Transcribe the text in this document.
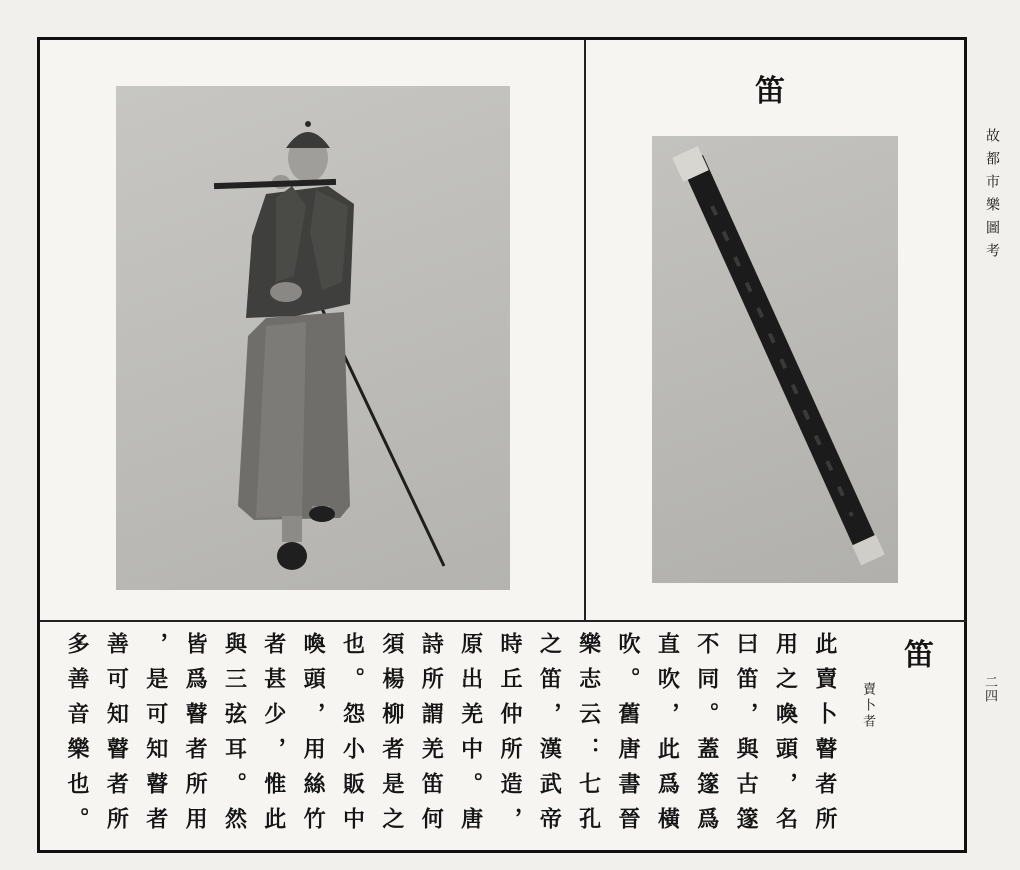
笛
故都市樂圖考
二四
笛
賣卜者
此賣卜瞽者所
用之喚頭，名
曰笛，與古篴
不同。蓋篴爲
直吹，此爲橫
吹。舊唐書晉
樂志云：七孔
之笛，漢武帝
時丘仲所造，
原出羌中。唐
詩所謂羌笛何
須楊柳者是之
也。怨小販中
喚頭，用絲竹
者甚少，惟此
與三弦耳。然
皆爲瞽者所用
，是可知瞽者
善可知瞽者所
多善音樂也。
